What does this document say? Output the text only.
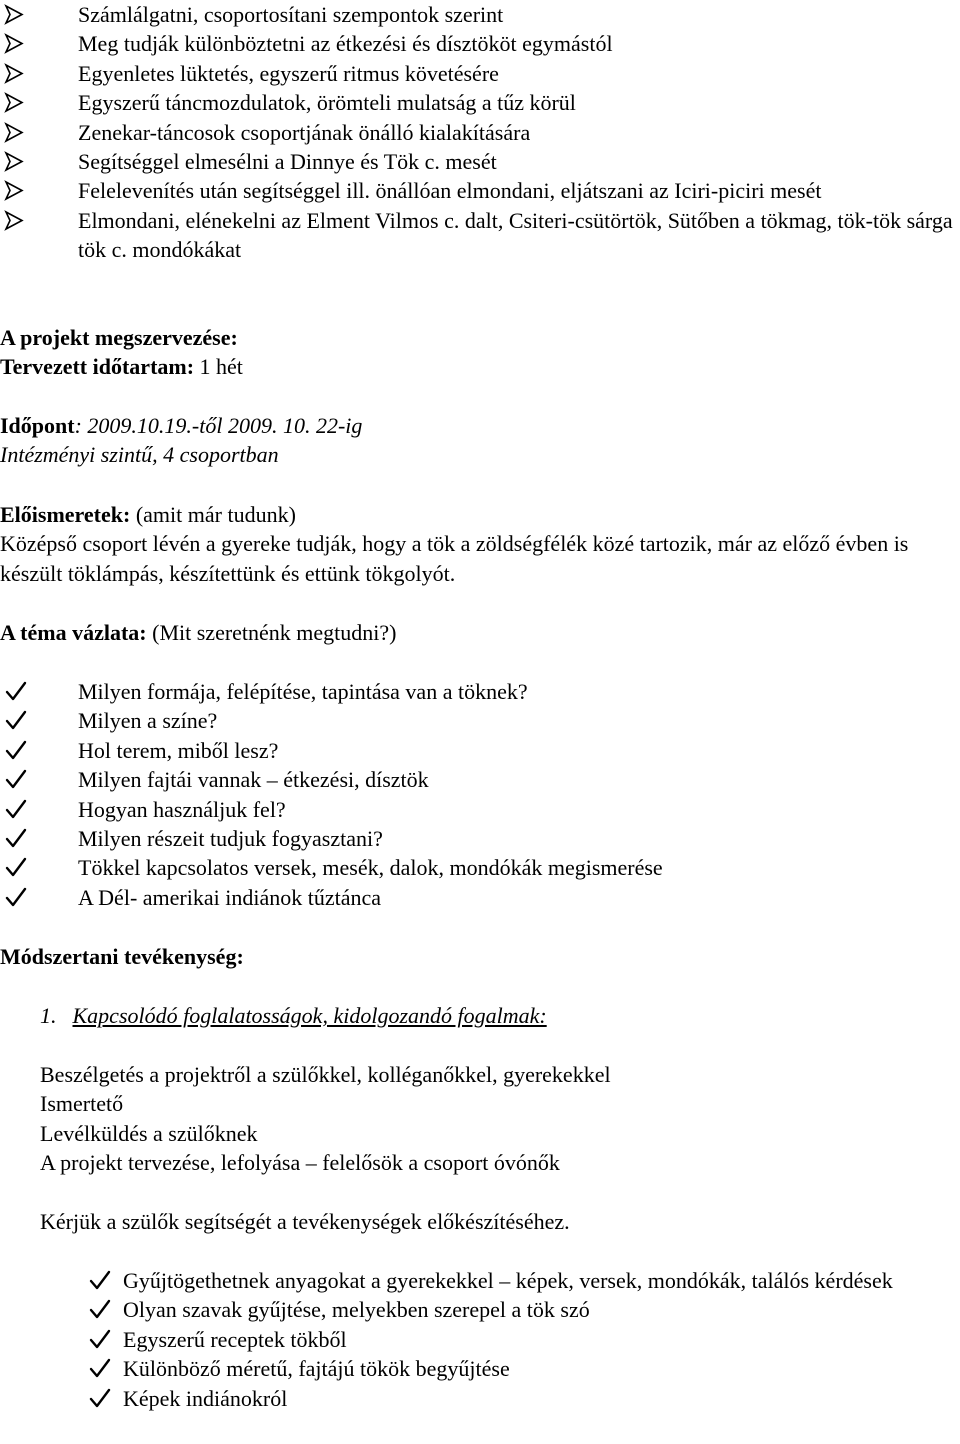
Számlálgatni, csoportosítani szempontok szerint
Meg tudják különböztetni az étkezési és dísztököt egymástól
Egyenletes lüktetés, egyszerű ritmus követésére
Egyszerű táncmozdulatok, örömteli mulatság a tűz körül
Zenekar-táncosok csoportjának önálló kialakítására
Segítséggel elmesélni a Dinnye és Tök c. mesét
Felelevenítés után segítséggel ill. önállóan elmondani, eljátszani az Iciri-piciri mesét
Elmondani, elénekelni az Elment Vilmos c. dalt, Csiteri-csütörtök, Sütőben a tökmag, tök-tök sárga tök c. mondókákat

A projekt megszervezése:

Tervezett időtartam: 1 hét

Időpont: 2009.10.19.-től 2009. 10. 22-ig

Intézményi szintű, 4 csoportban

Előismeretek: (amit már tudunk)

Középső csoport lévén a gyereke tudják, hogy a tök a zöldségfélék közé tartozik, már az előző évben is készült töklámpás, készítettünk és ettünk tökgolyót.

A téma vázlata: (Mit szeretnénk megtudni?)

Milyen formája, felépítése, tapintása van a töknek?
Milyen a színe?
Hol terem, miből lesz?
Milyen fajtái vannak – étkezési, dísztök
Hogyan használjuk fel?
Milyen részeit tudjuk fogyasztani?
Tökkel kapcsolatos versek, mesék, dalok, mondókák megismerése
A Dél- amerikai indiánok tűztánca

Módszertani tevékenység:

1. Kapcsolódó foglalatosságok, kidolgozandó fogalmak:

Beszélgetés a projektről a szülőkkel, kolléganőkkel, gyerekekkel

Ismertető

Levélküldés a szülőknek

A projekt tervezése, lefolyása – felelősök a csoport óvónők

Kérjük a szülők segítségét a tevékenységek előkészítéséhez.

Gyűjtögethetnek anyagokat a gyerekekkel – képek, versek, mondókák, találós kérdések
Olyan szavak gyűjtése, melyekben szerepel a tök szó
Egyszerű receptek tökből
Különböző méretű, fajtájú tökök begyűjtése
Képek indiánokról
